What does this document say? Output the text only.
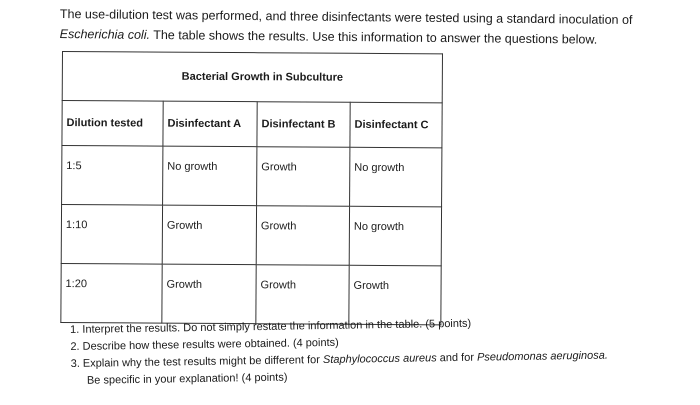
The use-dilution test was performed, and three disinfectants were tested using a standard inoculation of

Escherichia coli. The table shows the results. Use this information to answer the questions below.

Bacterial Growth in Subculture			
Dilution tested	Disinfectant A	Disinfectant B	Disinfectant C
1:5	No growth	Growth	No growth
1:10	Growth	Growth	No growth
1:20	Growth	Growth	Growth

1. Interpret the results. Do not simply restate the information in the table. (5 points)

2. Describe how these results were obtained. (4 points)

3. Explain why the test results might be different for Staphylococcus aureus and for Pseudomonas aeruginosa.

Be specific in your explanation! (4 points)
